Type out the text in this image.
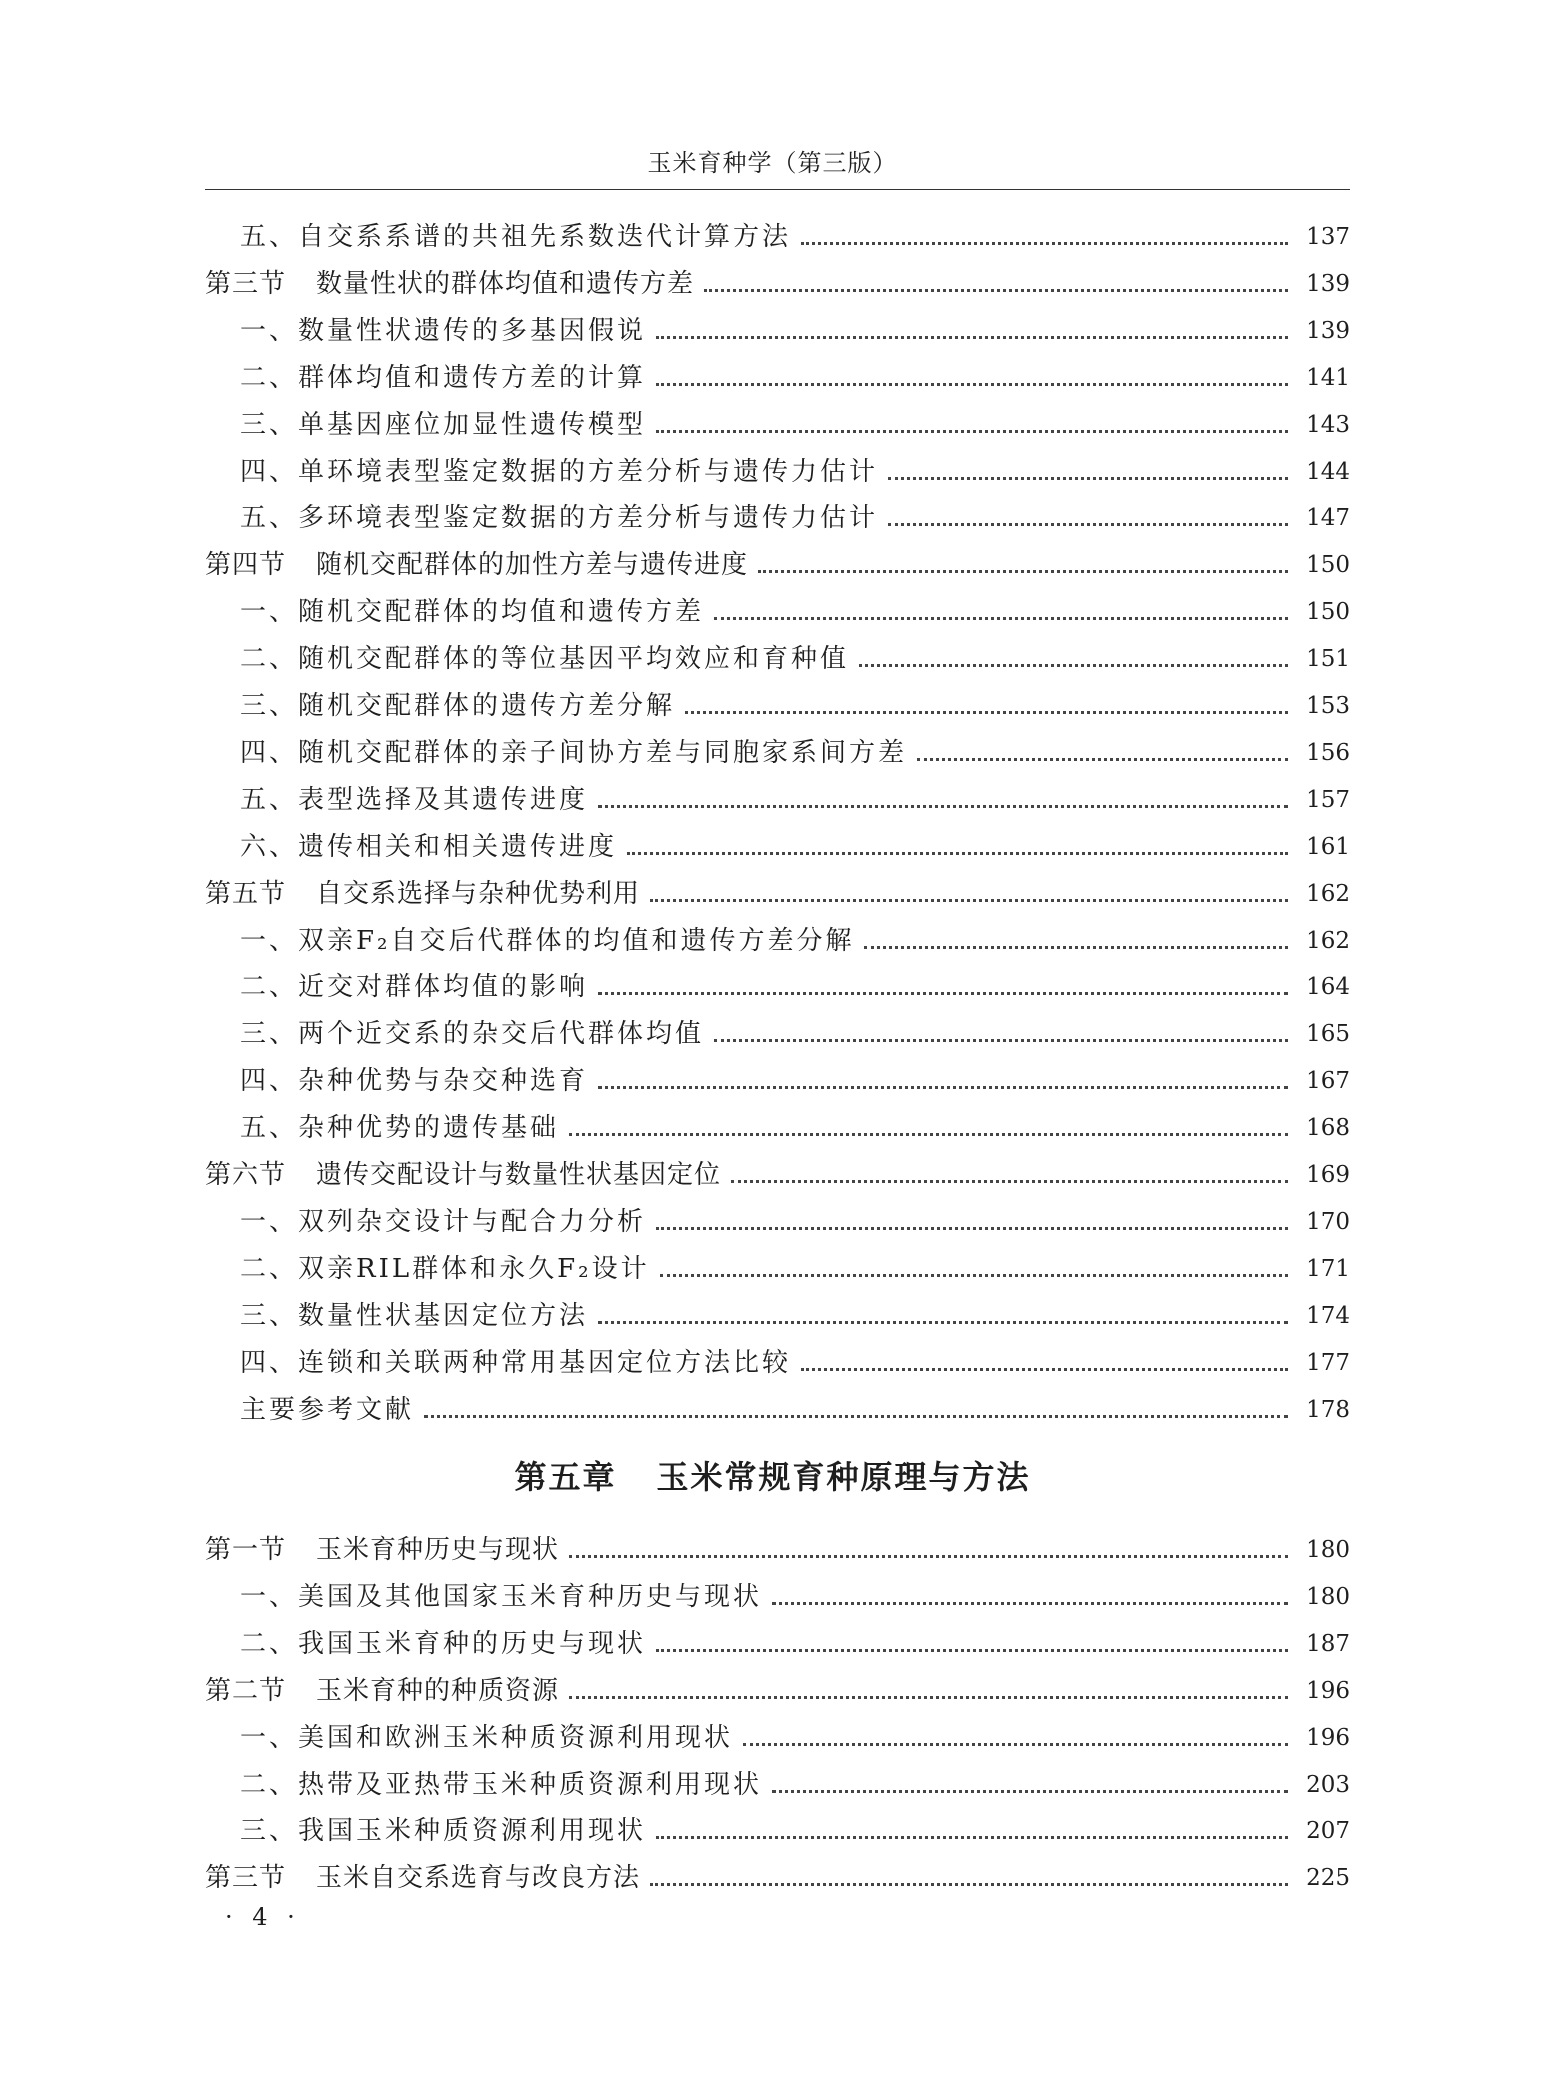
玉米育种学（第三版）
五、自交系系谱的共祖先系数迭代计算方法	137
第三节 数量性状的群体均值和遗传方差	139
一、数量性状遗传的多基因假说	139
二、群体均值和遗传方差的计算	141
三、单基因座位加显性遗传模型	143
四、单环境表型鉴定数据的方差分析与遗传力估计	144
五、多环境表型鉴定数据的方差分析与遗传力估计	147
第四节 随机交配群体的加性方差与遗传进度	150
一、随机交配群体的均值和遗传方差	150
二、随机交配群体的等位基因平均效应和育种值	151
三、随机交配群体的遗传方差分解	153
四、随机交配群体的亲子间协方差与同胞家系间方差	156
五、表型选择及其遗传进度	157
六、遗传相关和相关遗传进度	161
第五节 自交系选择与杂种优势利用	162
一、双亲F₂自交后代群体的均值和遗传方差分解	162
二、近交对群体均值的影响	164
三、两个近交系的杂交后代群体均值	165
四、杂种优势与杂交种选育	167
五、杂种优势的遗传基础	168
第六节 遗传交配设计与数量性状基因定位	169
一、双列杂交设计与配合力分析	170
二、双亲RIL群体和永久F₂设计	171
三、数量性状基因定位方法	174
四、连锁和关联两种常用基因定位方法比较	177
主要参考文献	178
第一节 玉米育种历史与现状	180
一、美国及其他国家玉米育种历史与现状	180
二、我国玉米育种的历史与现状	187
第二节 玉米育种的种质资源	196
一、美国和欧洲玉米种质资源利用现状	196
二、热带及亚热带玉米种质资源利用现状	203
三、我国玉米种质资源利用现状	207
第三节 玉米自交系选育与改良方法	225
第五章 玉米常规育种原理与方法
· 4 ·
